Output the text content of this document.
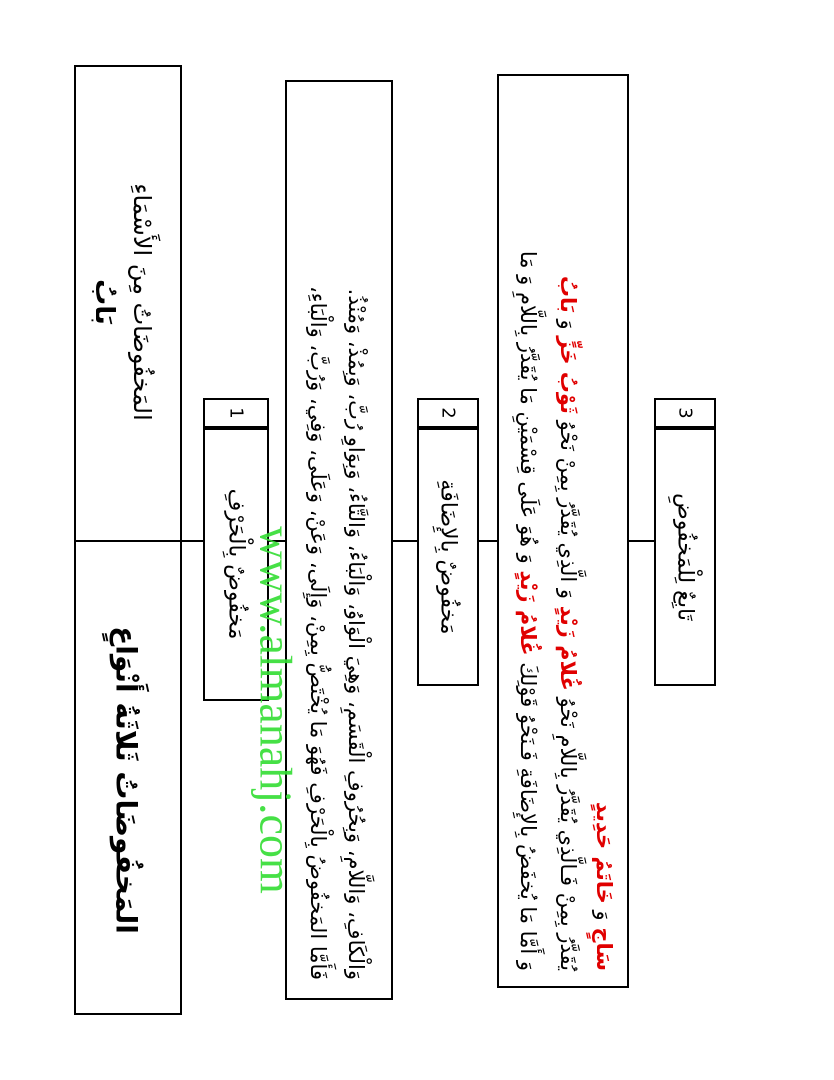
بَابُ المَخفُوضَاتُ مِنَ الأَسْمَاءِ
المَخفُوضَاتُ ثَلاثَةُ أَنْوَاعٍ
1
مَخفُوضٌ بِالْحَرْفِ	فَأَمَّا المَخفُوضُ بِالْحَرْفِ فَهُوَ مَا يُخْتَصُّ بِمِنْ، وَإِلَى، وَعَنْ، وَعَلَى، وَفِي، وَرُبَّ، وَالْبَاءِ، وَالْكَافِ، وَاللَّامِ، وَبِحُرُوفِ الْقَسَمِ، وَهِيَ الْوَاوُ، وَالْبَاءُ، وَالتَّاءُ، وَبِوَاوِ رُبَّ، وَبِمُذْ، وَمُنْذُ.	2
مَخفُوضٌ بِالإِضَافَةِ
وَ أَمَّا مَا يُخفَضُ بِالإِضَافَةِ فَـنَحْوُ قَوْلِكَ غُلامُ زَيْدٍ وَ هُوَ عَلَى قِسْمَيْنِ مَا يُقَدَّرُ بِاللَّامِ وَ مَا
يُقَدَّرُ بِمِنْ فَـالَّذِي يُقَدَّرُ بِاللَّامِ نَحْوُ غُلامُ زَيْدٍ وَ الَّذِي يُقَدَّرُ بِمِنْ نَحْوُ ثَوْبُ خَزٍّ وَ بَابُ
سَاجٍ وَ خَاتَمُ حَدِيدٍ
3
تَابِعٌ لِلْمَخفُوضِ
www.almanahj.com
